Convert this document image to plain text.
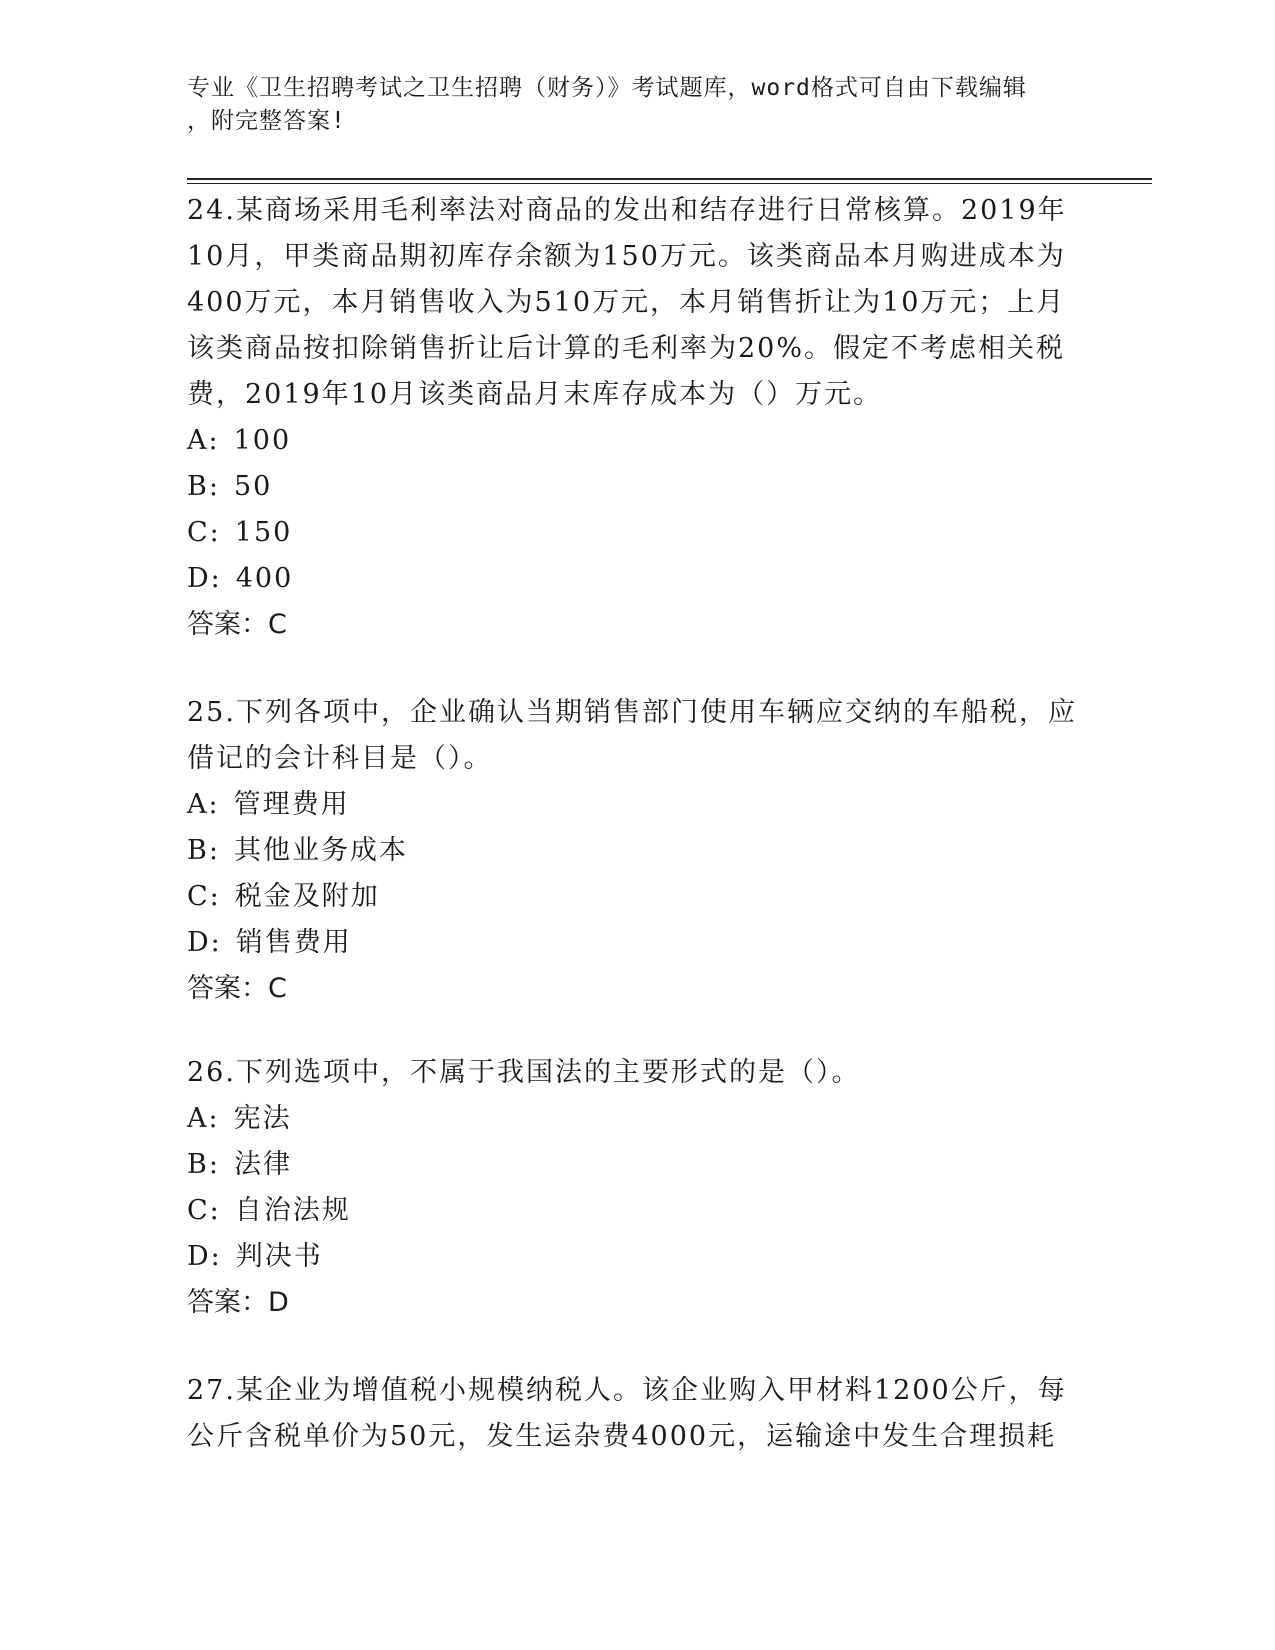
专业《卫生招聘考试之卫生招聘（财务）》考试题库，word格式可自由下载编辑
，附完整答案!
24.某商场采用毛利率法对商品的发出和结存进行日常核算。2019年
10月，甲类商品期初库存余额为150万元。该类商品本月购进成本为
400万元，本月销售收入为510万元，本月销售折让为10万元；上月
该类商品按扣除销售折让后计算的毛利率为20%。假定不考虑相关税
费，2019年10月该类商品月末库存成本为（）万元。
A: 100
B: 50
C: 150
D: 400
答案：C
25.下列各项中，企业确认当期销售部门使用车辆应交纳的车船税，应
借记的会计科目是（）。
A: 管理费用
B: 其他业务成本
C: 税金及附加
D: 销售费用
答案：C
26.下列选项中，不属于我国法的主要形式的是（）。
A: 宪法
B: 法律
C: 自治法规
D: 判决书
答案：D
27.某企业为增值税小规模纳税人。该企业购入甲材料1200公斤，每
公斤含税单价为50元，发生运杂费4000元，运输途中发生合理损耗
